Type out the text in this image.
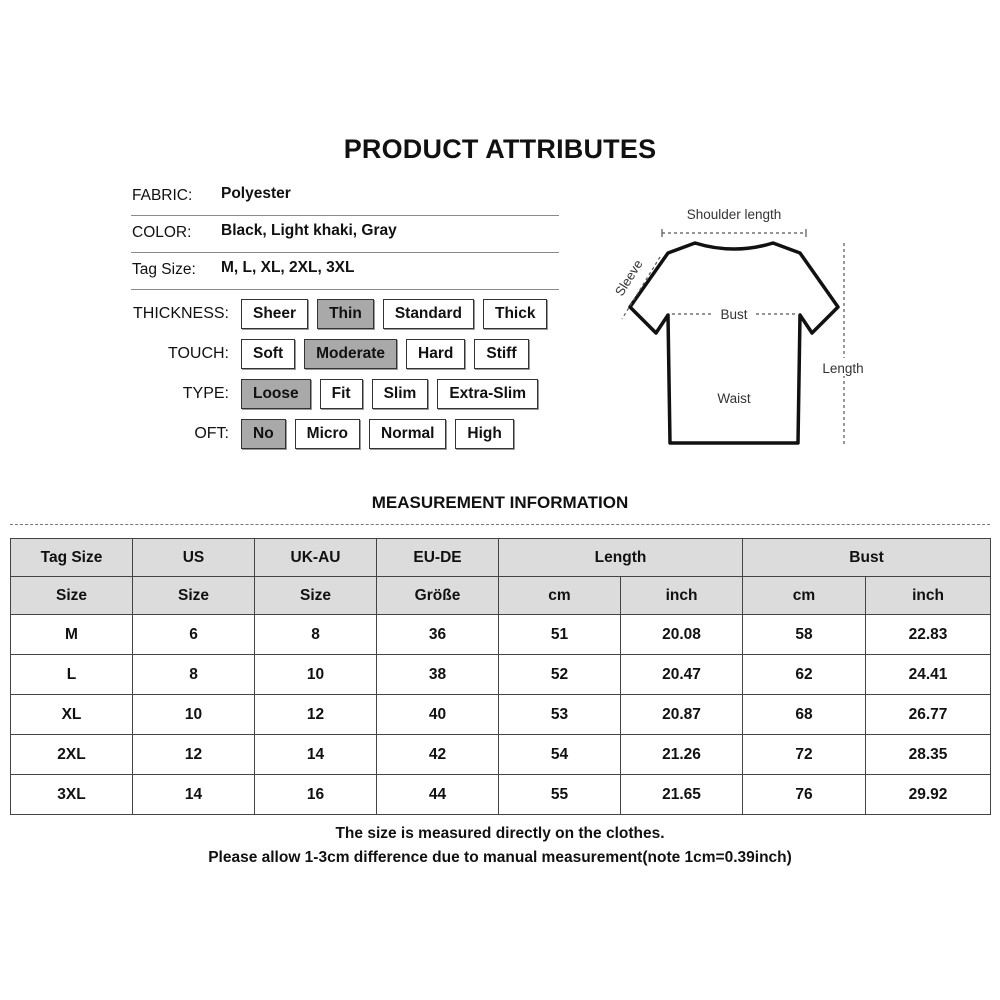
PRODUCT ATTRIBUTES
FABRIC: Polyester
COLOR: Black, Light khaki, Gray
Tag Size: M, L, XL, 2XL, 3XL
THICKNESS:	Sheer	Thin	Standard	Thick
TOUCH:	Soft	Moderate	Hard	Stiff
TYPE:	Loose	Fit	Slim	Extra-Slim
OFT:	No	Micro	Normal	High
Shoulder length
Sleeve
Bust
Length
Waist
MEASUREMENT INFORMATION
Tag Size	US	UK-AU	EU-DE	Length		Bust	
Size	Size	Size	Größe	cm	inch	cm	inch
M	6	8	36	51	20.08	58	22.83
L	8	10	38	52	20.47	62	24.41
XL	10	12	40	53	20.87	68	26.77
2XL	12	14	42	54	21.26	72	28.35
3XL	14	16	44	55	21.65	76	29.92
The size is measured directly on the clothes.
Please allow 1-3cm difference due to manual measurement(note 1cm=0.39inch)
